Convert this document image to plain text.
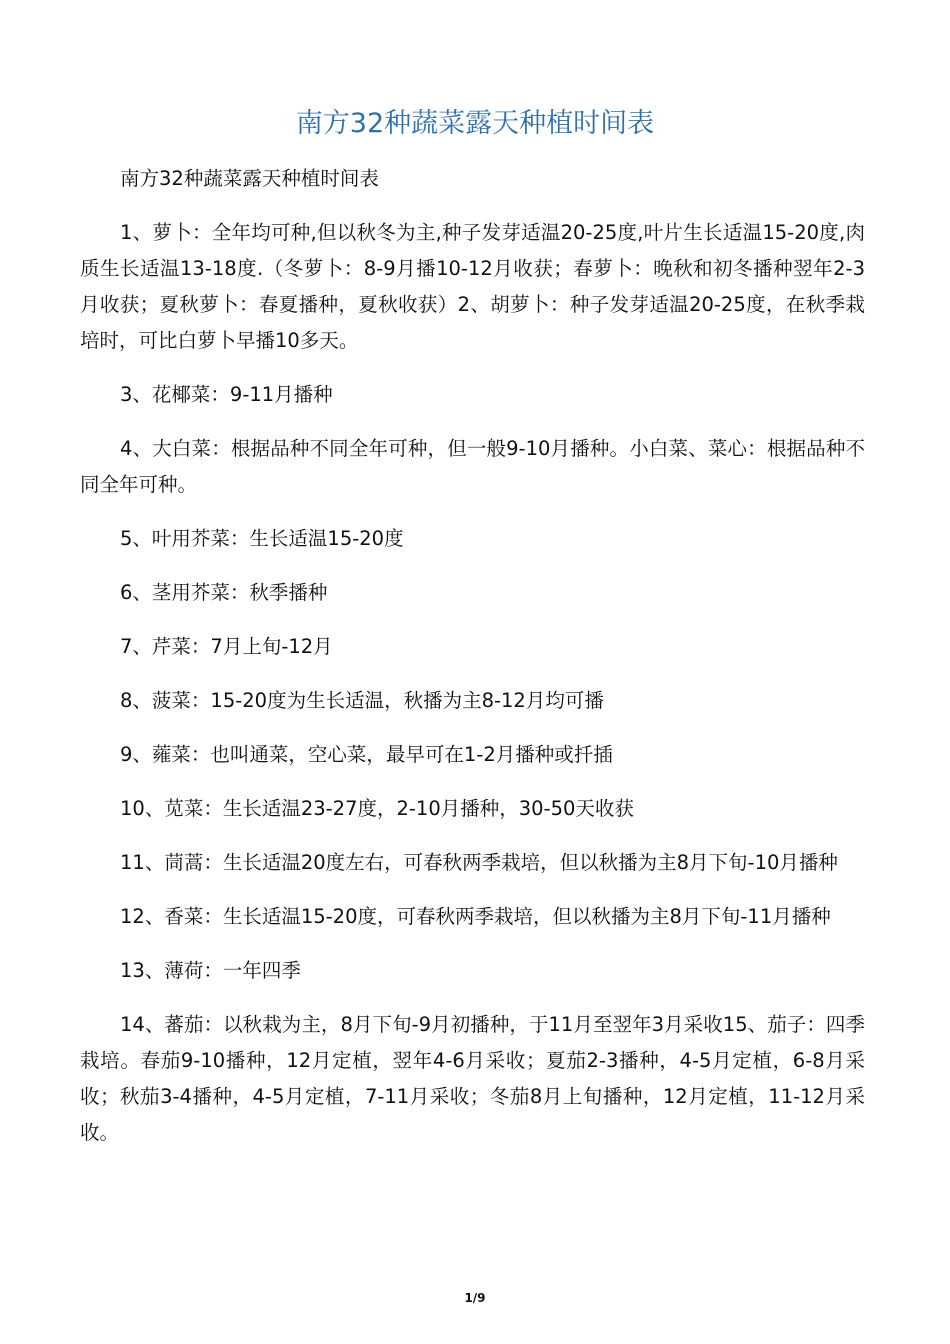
南方32种蔬菜露天种植时间表

南方32种蔬菜露天种植时间表

1、萝卜：全年均可种,但以秋冬为主,种子发芽适温20-25度,叶片生长适温15-20度,肉质生长适温13-18度.（冬萝卜：8-9月播10-12月收获；春萝卜：晚秋和初冬播种翌年2-3月收获；夏秋萝卜：春夏播种，夏秋收获）2、胡萝卜：种子发芽适温20-25度，在秋季栽培时，可比白萝卜早播10多天。

3、花椰菜：9-11月播种

4、大白菜：根据品种不同全年可种，但一般9-10月播种。小白菜、菜心：根据品种不同全年可种。

5、叶用芥菜：生长适温15-20度

6、茎用芥菜：秋季播种

7、芹菜：7月上旬-12月

8、菠菜：15-20度为生长适温，秋播为主8-12月均可播

9、蕹菜：也叫通菜，空心菜，最早可在1-2月播种或扦插

10、苋菜：生长适温23-27度，2-10月播种，30-50天收获

11、茼蒿：生长适温20度左右，可春秋两季栽培，但以秋播为主8月下旬-10月播种

12、香菜：生长适温15-20度，可春秋两季栽培，但以秋播为主8月下旬-11月播种

13、薄荷：一年四季

14、蕃茄：以秋栽为主，8月下旬-9月初播种，于11月至翌年3月采收15、茄子：四季栽培。春茄9-10播种，12月定植，翌年4-6月采收；夏茄2-3播种，4-5月定植，6-8月采收；秋茄3-4播种，4-5月定植，7-11月采收；冬茄8月上旬播种，12月定植，11-12月采收。

1/9
